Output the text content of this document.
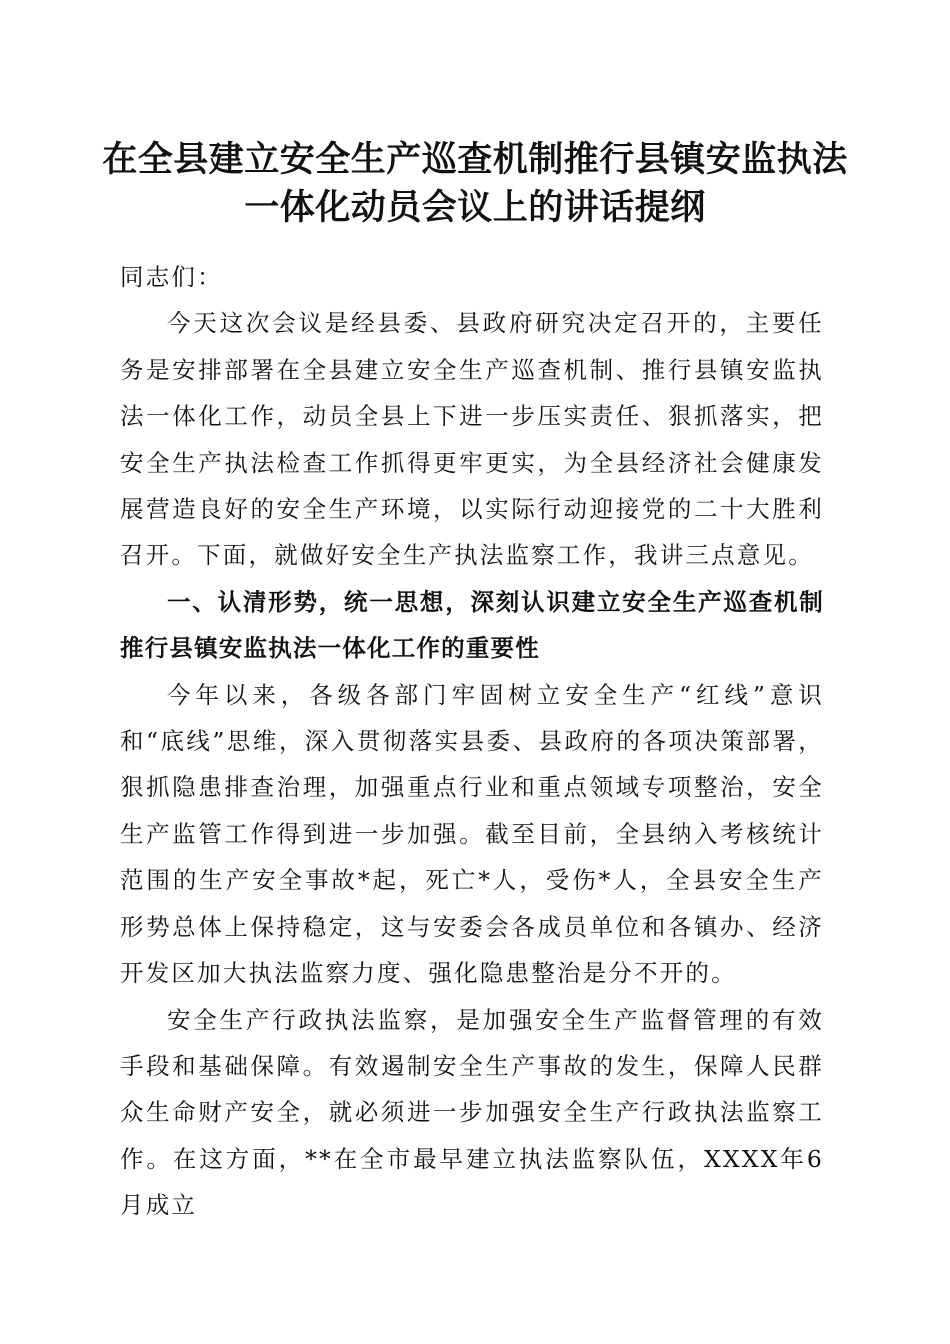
在全县建立安全生产巡查机制推行县镇安监执法一体化动员会议上的讲话提纲

同志们：

今天这次会议是经县委、县政府研究决定召开的，主要任务是安排部署在全县建立安全生产巡查机制、推行县镇安监执法一体化工作，动员全县上下进一步压实责任、狠抓落实，把安全生产执法检查工作抓得更牢更实，为全县经济社会健康发展营造良好的安全生产环境，以实际行动迎接党的二十大胜利召开。下面，就做好安全生产执法监察工作，我讲三点意见。

一、认清形势，统一思想，深刻认识建立安全生产巡查机制推行县镇安监执法一体化工作的重要性

今年以来，各级各部门牢固树立安全生产“红线”意识和“底线”思维，深入贯彻落实县委、县政府的各项决策部署，狠抓隐患排查治理，加强重点行业和重点领域专项整治，安全生产监管工作得到进一步加强。截至目前，全县纳入考核统计范围的生产安全事故*起，死亡*人，受伤*人，全县安全生产形势总体上保持稳定，这与安委会各成员单位和各镇办、经济开发区加大执法监察力度、强化隐患整治是分不开的。

安全生产行政执法监察，是加强安全生产监督管理的有效手段和基础保障。有效遏制安全生产事故的发生，保障人民群众生命财产安全，就必须进一步加强安全生产行政执法监察工作。在这方面，**在全市最早建立执法监察队伍，XXXX年6月成立
